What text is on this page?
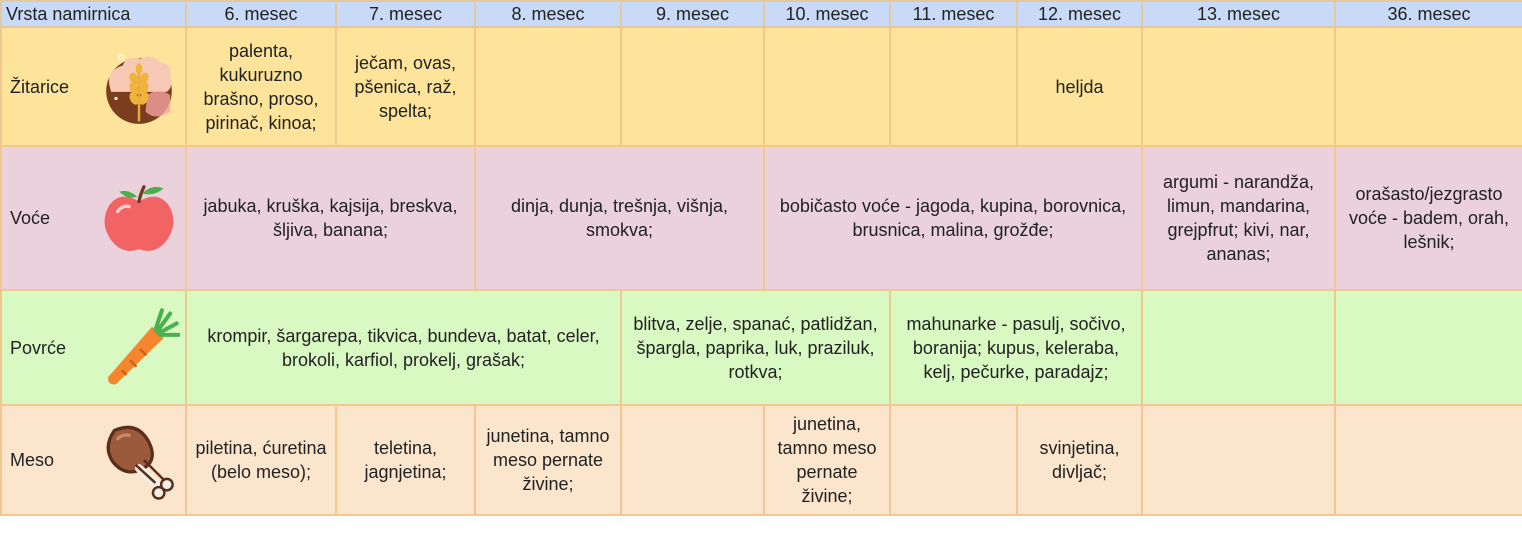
Vrsta namirnica	6. mesec	7. mesec	8. mesec	9. mesec	10. mesec	11. mesec	12. mesec	13. mesec	36. mesec

Žitarice	palenta, kukuruzno brašno, proso, pirinač, kinoa;	ječam, ovas, pšenica, raž, spelta;					heljda		

Voće	jabuka, kruška, kajsija, breskva, šljiva, banana;		dinja, dunja, trešnja, višnja, smokva;		bobičasto voće - jagoda, kupina, borovnica, brusnica, malina, grožđe;			argumi - narandža, limun, mandarina, grejpfrut; kivi, nar, ananas;	orašasto/jezgrasto voće - badem, orah, lešnik;

Povrće	krompir, šargarepa, tikvica, bundeva, batat, celer, brokoli, karfiol, prokelj, grašak;			blitva, zelje, spanać, patlidžan, špargla, paprika, luk, praziluk, rotkva;		mahunarke - pasulj, sočivo, boranija; kupus, keleraba, kelj, pečurke, paradajz;			

Meso	piletina, ćuretina (belo meso);	teletina, jagnjetina;	junetina, tamno meso pernate živine;		junetina, tamno meso pernate živine;		svinjetina, divljač;		
